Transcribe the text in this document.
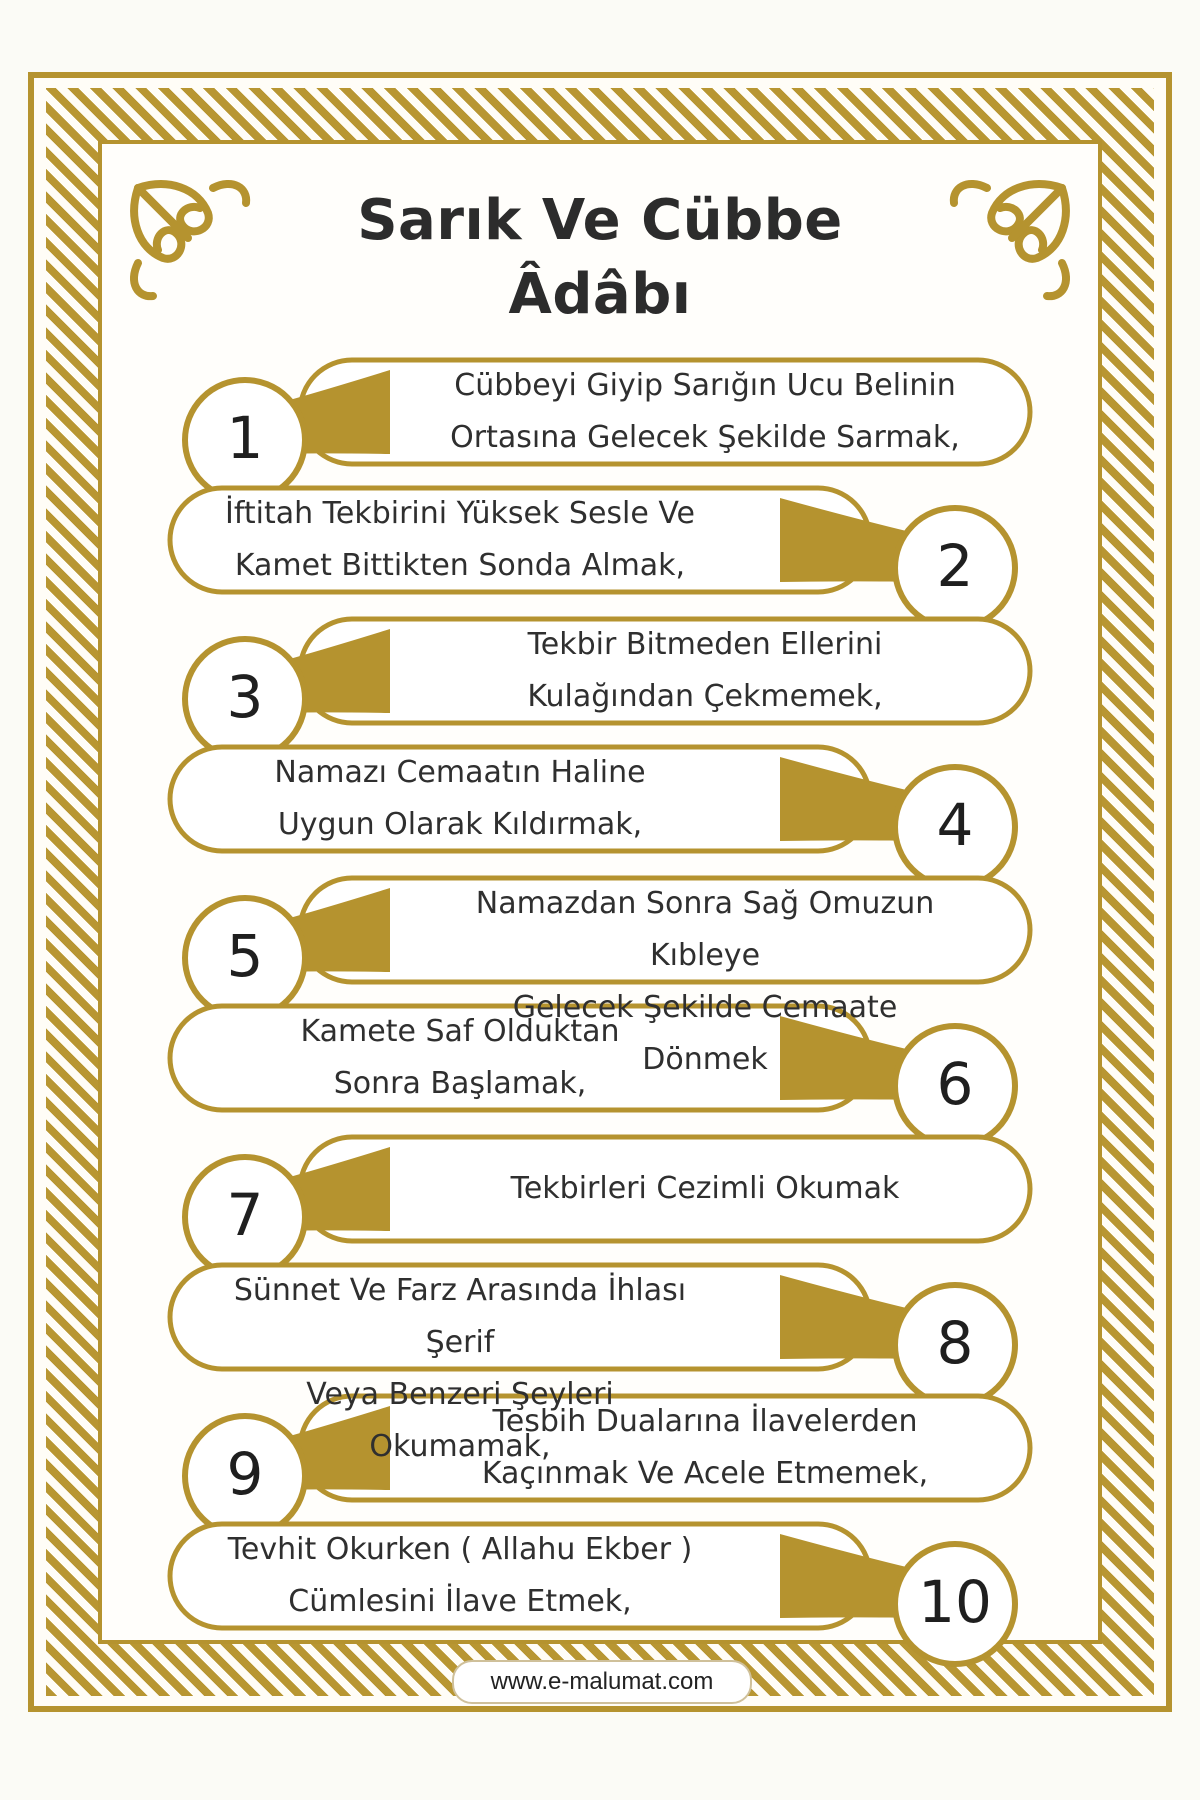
Sarık Ve Cübbe
Âdâbı
1
Cübbeyi Giyip Sarığın Ucu Belinin
Ortasına Gelecek Şekilde Sarmak,
2
İftitah Tekbirini Yüksek Sesle Ve
Kamet Bittikten Sonda Almak,
3
Tekbir Bitmeden Ellerini
Kulağından Çekmemek,
4
Namazı Cemaatın Haline
Uygun Olarak Kıldırmak,
5
Namazdan Sonra Sağ Omuzun Kıbleye
Gelecek Şekilde Cemaate Dönmek	6
Kamete Saf Olduktan
Sonra Başlamak,
7	Tekbirleri Cezimli Okumak
8
Sünnet Ve Farz Arasında İhlası Şerif
Veya Benzeri Şeyleri Okumamak,
9
Tesbih Dualarına İlavelerden
Kaçınmak Ve Acele Etmemek,
10
Tevhit Okurken ( Allahu Ekber )
Cümlesini İlave Etmek,
www.e-malumat.com
